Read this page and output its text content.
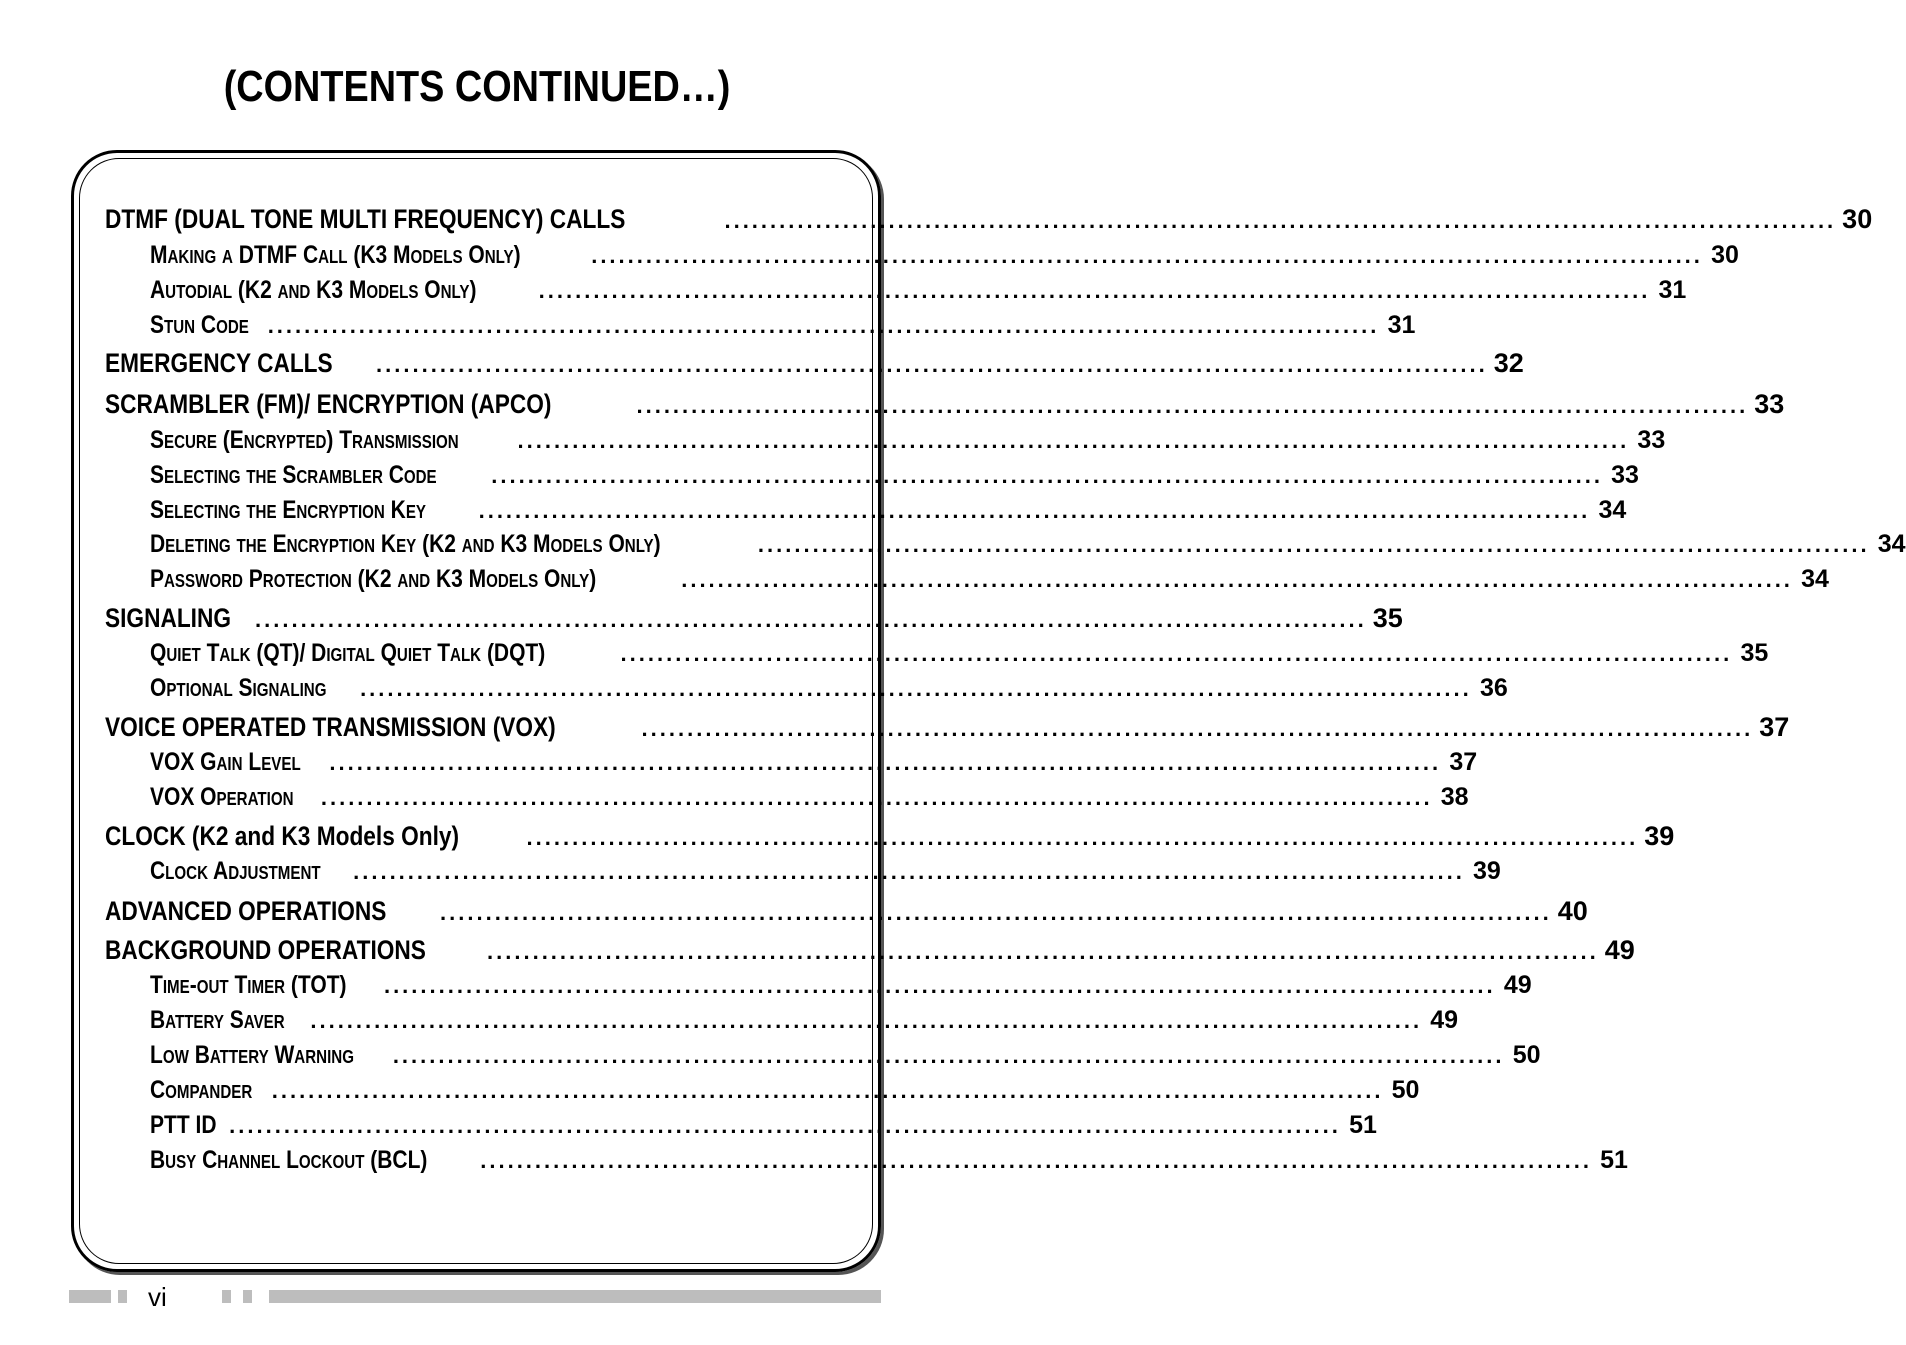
(CONTENTS CONTINUED…)
DTMF (DUAL TONE MULTI FREQUENCY) CALLS	.......................................................................................................................... 30
Making a DTMF Call (K3 Models Only)	.......................................................................................................................... 30
Autodial (K2 and K3 Models Only)	.......................................................................................................................... 31
Stun Code .......................................................................................................................... 31
EMERGENCY CALLS .......................................................................................................................... 32
SCRAMBLER (FM)/ ENCRYPTION (APCO)	.......................................................................................................................... 33
Secure (Encrypted) Transmission	.......................................................................................................................... 33
Selecting the Scrambler Code .......................................................................................................................... 33
Selecting the Encryption Key .......................................................................................................................... 34
Deleting the Encryption Key (K2 and K3 Models Only)	.......................................................................................................................... 34
Password Protection (K2 and K3 Models Only)	.......................................................................................................................... 34
SIGNALING .......................................................................................................................... 35
Quiet Talk (QT)/ Digital Quiet Talk (DQT)	.......................................................................................................................... 35
Optional Signaling .......................................................................................................................... 36
VOICE OPERATED TRANSMISSION (VOX)	.......................................................................................................................... 37
VOX Gain Level .......................................................................................................................... 37
VOX Operation .......................................................................................................................... 38
CLOCK (K2 and K3 Models Only)	.......................................................................................................................... 39
Clock Adjustment .......................................................................................................................... 39
ADVANCED OPERATIONS .......................................................................................................................... 40
BACKGROUND OPERATIONS	.......................................................................................................................... 49
Time-out Timer (TOT) .......................................................................................................................... 49
Battery Saver .......................................................................................................................... 49
Low Battery Warning .......................................................................................................................... 50
Compander .......................................................................................................................... 50
PTT ID .......................................................................................................................... 51
Busy Channel Lockout (BCL) .......................................................................................................................... 51
vi
